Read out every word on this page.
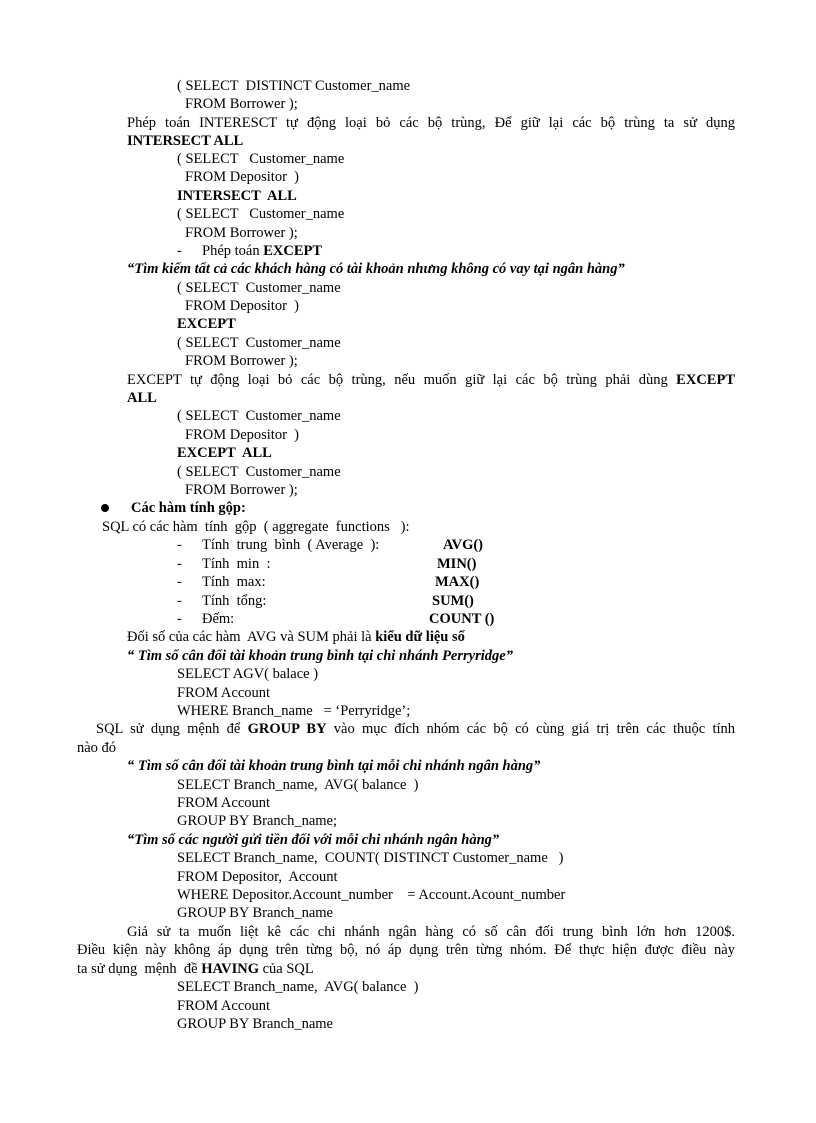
( SELECT  DISTINCT Customer_name
FROM Borrower );
Phép toán INTERESCT tự động loại bỏ các bộ trùng, Để giữ lại các bộ trùng ta sử dụng
INTERSECT ALL
( SELECT   Customer_name
FROM Depositor  )
INTERSECT  ALL
( SELECT   Customer_name
FROM Borrower );
- Phép toán EXCEPT
“Tìm kiếm tất cả các khách hàng có tài khoản nhưng không có vay tại ngân hàng”
( SELECT  Customer_name
FROM Depositor  )
EXCEPT
( SELECT  Customer_name
FROM Borrower );
EXCEPT tự động loại bỏ các bộ trùng, nếu muốn giữ lại các bộ trùng phải dùng EXCEPT
ALL
( SELECT  Customer_name
FROM Depositor  )
EXCEPT  ALL
( SELECT  Customer_name
FROM Borrower );
Các hàm tính gộp:
SQL có các hàm  tính  gộp  ( aggregate  functions   ):
- Tính  trung  bình  ( Average  ):	AVG()
- Tính  min  :	MIN()
- Tính  max:	MAX()
- Tính  tổng:	SUM()
- Đếm:	COUNT ()
Đối số của các hàm  AVG và SUM phải là kiểu dữ liệu số
“ Tìm số cân đối tài khoản trung bình tại chi nhánh Perryridge”
SELECT AGV( balace )
FROM Account
WHERE Branch_name   = ‘Perryridge’;
SQL sử dụng mệnh để GROUP BY vào mục đích nhóm các bộ có cùng giá trị trên các thuộc tính
nào đó
“ Tìm số cân đối tài khoản trung bình tại mỗi chi nhánh ngân hàng”
SELECT Branch_name,  AVG( balance  )
FROM Account
GROUP BY Branch_name;
“Tìm số các người gửi tiền đối với mỗi chi nhánh ngân hàng”
SELECT Branch_name,  COUNT( DISTINCT Customer_name   )
FROM Depositor,  Account
WHERE Depositor.Account_number    = Account.Acount_number
GROUP BY Branch_name
Giả sử ta muốn liệt kê các chi nhánh ngân hàng có số cân đối trung bình lớn hơn 1200$.
Điều kiện này không áp dụng trên từng bộ, nó áp dụng trên từng nhóm. Để thực hiện được điều này
ta sử dụng  mệnh  đề HAVING của SQL
SELECT Branch_name,  AVG( balance  )
FROM Account
GROUP BY Branch_name
